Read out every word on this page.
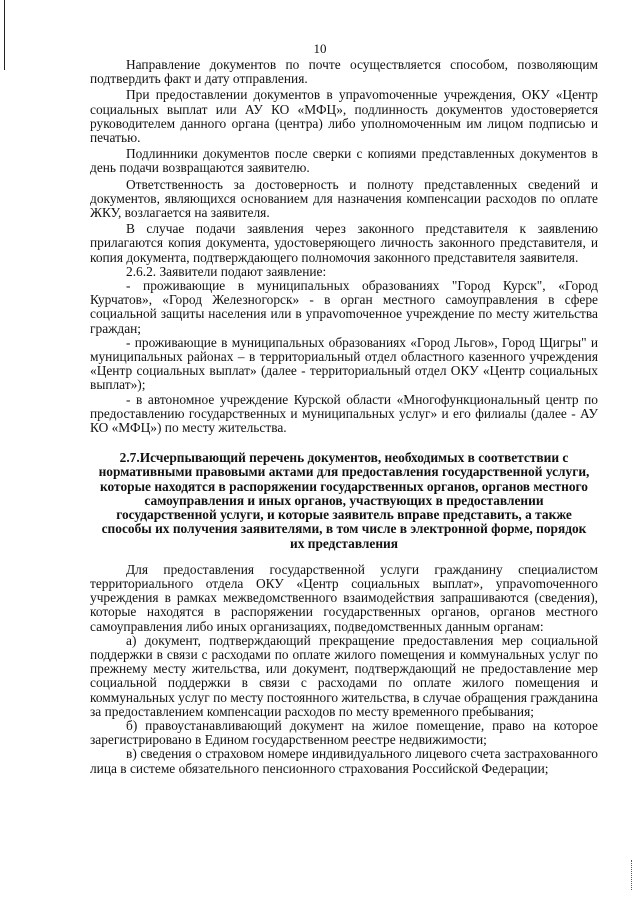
10

Направление документов по почте осуществляется способом, позволяющим подтвердить факт и дату отправления.

При предоставлении документов в упрavomоченные учреждения, ОКУ «Центр социальных выплат или АУ КО «МФЦ», подлинность документов удостоверяется руководителем данного органа (центра) либо уполномоченным им лицом подписью и печатью.

Подлинники документов после сверки с копиями представленных документов в день подачи возвращаются заявителю.

Ответственность за достоверность и полноту представленных сведений и документов, являющихся основанием для назначения компенсации расходов по оплате ЖКУ, возлагается на заявителя.

В случае подачи заявления через законного представителя к заявлению прилагаются копия документа, удостоверяющего личность законного представителя, и копия документа, подтверждающего полномочия законного представителя заявителя.

2.6.2. Заявители подают заявление:

- проживающие в муниципальных образованиях "Город Курск", «Город Курчатов», «Город Железногорск» - в орган местного самоуправления в сфере социальной защиты населения или в упрavomоченное учреждение по месту жительства граждан;

- проживающие в муниципальных образованиях «Город Льгов», Город Щигры" и муниципальных районах – в территориальный отдел областного казенного учреждения «Центр социальных выплат» (далее - территориальный отдел ОКУ «Центр социальных выплат»);

- в автономное учреждение Курской области «Многофункциональный центр по предоставлению государственных и муниципальных услуг» и его филиалы (далее - АУ КО «МФЦ») по месту жительства.

2.7.Исчерпывающий перечень документов, необходимых в соответствии с нормативными правовыми актами для предоставления государственной услуги, которые находятся в распоряжении государственных органов, органов местного самоуправления и иных органов, участвующих в предоставлении государственной услуги, и которые заявитель вправе представить, а также способы их получения заявителями, в том числе в электронной форме, порядок их представления

Для предоставления государственной услуги гражданину специалистом территориального отдела ОКУ «Центр социальных выплат», упрavomоченного учреждения в рамках межведомственного взаимодействия запрашиваются (сведения), которые находятся в распоряжении государственных органов, органов местного самоуправления либо иных организациях, подведомственных данным органам:

а) документ, подтверждающий прекращение предоставления мер социальной поддержки в связи с расходами по оплате жилого помещения и коммунальных услуг по прежнему месту жительства, или документ, подтверждающий не предоставление мер социальной поддержки в связи с расходами по оплате жилого помещения и коммунальных услуг по месту постоянного жительства, в случае обращения гражданина за предоставлением компенсации расходов по месту временного пребывания;

б) правоустанавливающий документ на жилое помещение, право на которое зарегистрировано в Едином государственном реестре недвижимости;

в) сведения о страховом номере индивидуального лицевого счета застрахованного лица в системе обязательного пенсионного страхования Российской Федерации;
